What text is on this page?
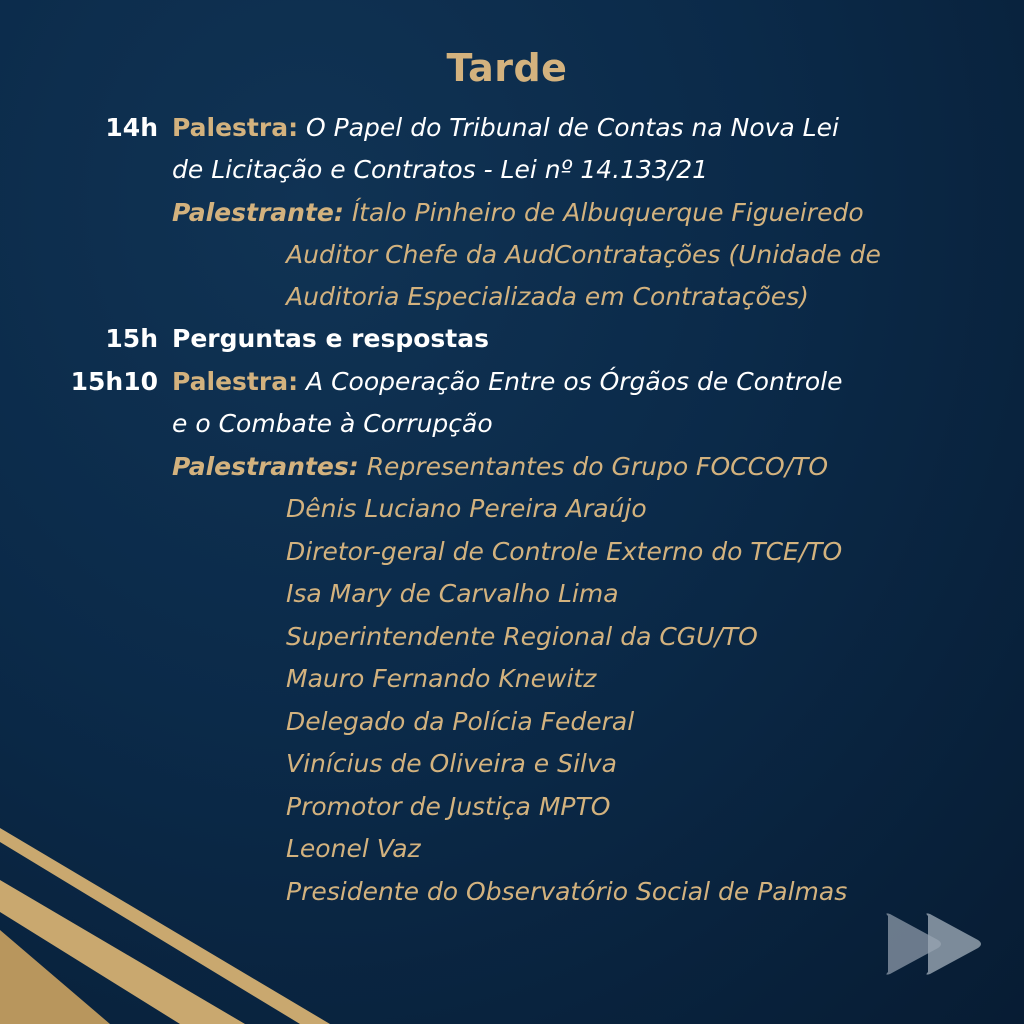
Tarde
14h Palestra: O Papel do Tribunal de Contas na Nova Lei
de Licitação e Contratos - Lei nº 14.133/21
Palestrante: Ítalo Pinheiro de Albuquerque Figueiredo
Auditor Chefe da AudContratações (Unidade de
Auditoria Especializada em Contratações)
15h Perguntas e respostas
15h10 Palestra: A Cooperação Entre os Órgãos de Controle
e o Combate à Corrupção
Palestrantes: Representantes do Grupo FOCCO/TO
Dênis Luciano Pereira Araújo
Diretor-geral de Controle Externo do TCE/TO
Isa Mary de Carvalho Lima
Superintendente Regional da CGU/TO
Mauro Fernando Knewitz
Delegado da Polícia Federal
Vinícius de Oliveira e Silva
Promotor de Justiça MPTO
Leonel Vaz
Presidente do Observatório Social de Palmas
